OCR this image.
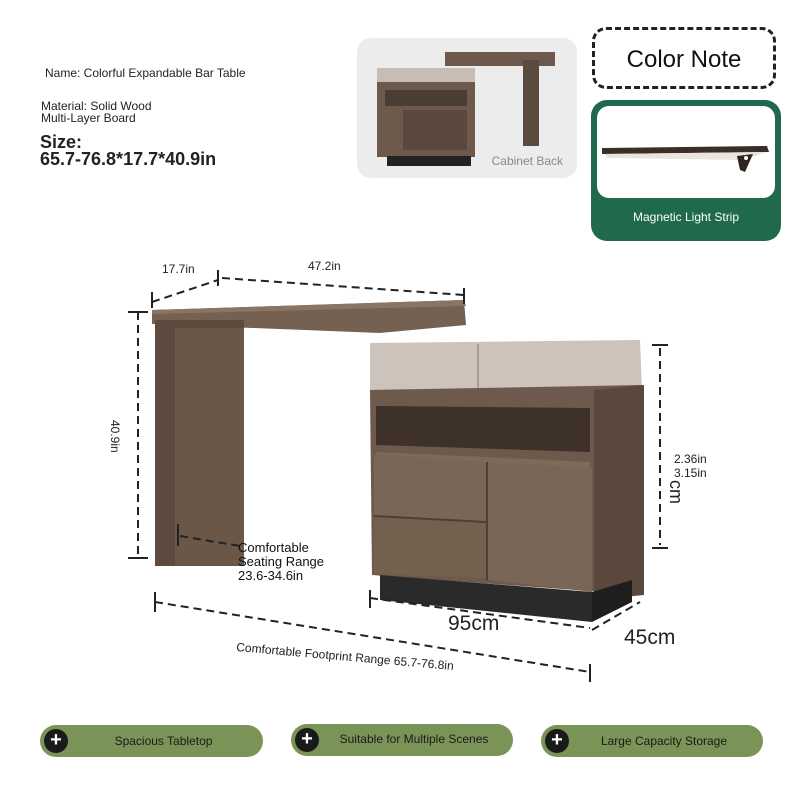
Name: Colorful Expandable Bar Table
Material: Solid Wood
Multi-Layer Board
Size:
65.7-76.8*17.7*40.9in	Cabinet Back
Color Note
Magnetic Light Strip
17.7in	47.2in
40.9in
2.36in
3.15in
cm
Comfortable
Seating Range
23.6-34.6in
95cm
45cm
Comfortable Footprint Range 65.7-76.8in
+	Spacious Tabletop	+	Suitable for Multiple Scenes	+	Large Capacity Storage
